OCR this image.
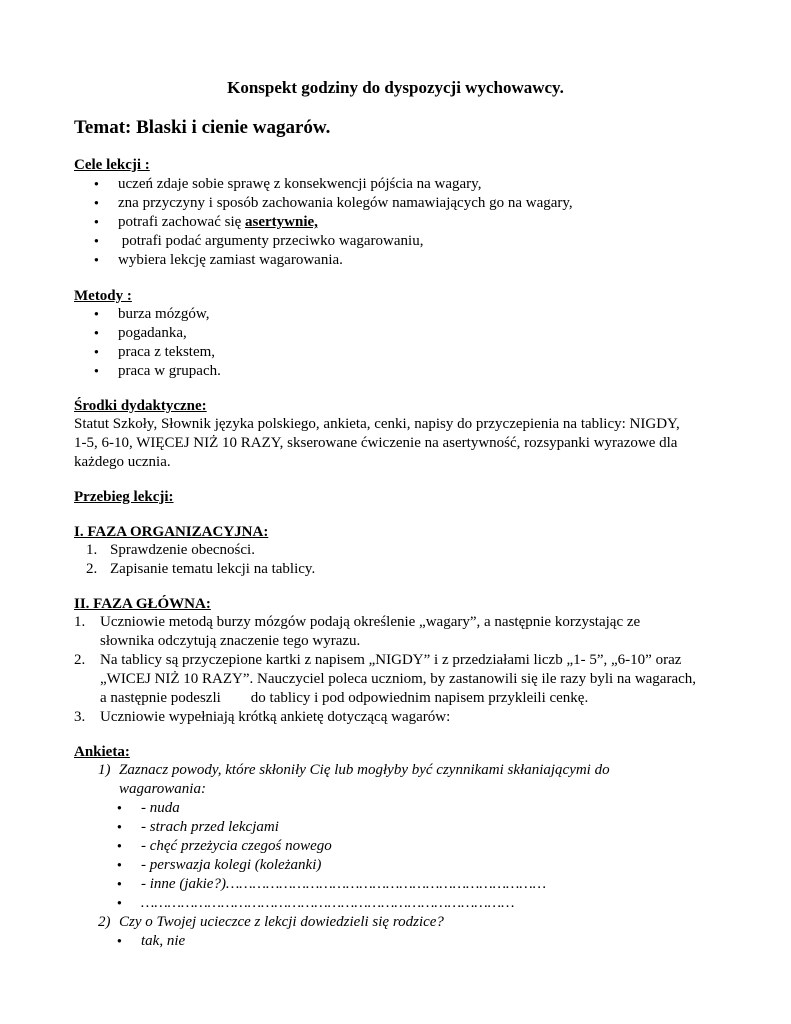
Konspekt godziny do dyspozycji wychowawcy.
Temat: Blaski i cienie wagarów.
Cele lekcji :
●uczeń zdaje sobie sprawę z konsekwencji pójścia na wagary,
●zna przyczyny i sposób zachowania kolegów namawiających go na wagary,
●potrafi zachować się asertywnie,
● potrafi podać argumenty przeciwko wagarowaniu,
●wybiera lekcję zamiast wagarowania.
Metody :
●burza mózgów,
●pogadanka,
●praca z tekstem,
●praca w grupach.
Środki dydaktyczne:
Statut Szkoły, Słownik języka polskiego, ankieta, cenki, napisy do przyczepienia na tablicy: NIGDY,
1-5, 6-10, WIĘCEJ NIŻ 10 RAZY, skserowane ćwiczenie na asertywność, rozsypanki wyrazowe dla
każdego ucznia.
Przebieg lekcji:
I. FAZA ORGANIZACYJNA:
1. Sprawdzenie obecności.
2. Zapisanie tematu lekcji na tablicy.
II. FAZA GŁÓWNA:
1. Uczniowie metodą burzy mózgów podają określenie „wagary”, a następnie korzystając ze
słownika odczytują znaczenie tego wyrazu.
2. Na tablicy są przyczepione kartki z napisem „NIGDY” i z przedziałami liczb „1- 5”, „6-10” oraz
„WICEJ NIŻ 10 RAZY”. Nauczyciel poleca uczniom, by zastanowili się ile razy byli na wagarach,
a następnie podeszli        do tablicy i pod odpowiednim napisem przykleili cenkę.
3. Uczniowie wypełniają krótką ankietę dotyczącą wagarów:
Ankieta:
1) Zaznacz powody, które skłoniły Cię lub mogłyby być czynnikami skłaniającymi do
wagarowania:
●- nuda
●- strach przed lekcjami
●- chęć przeżycia czegoś nowego
●- perswazja kolegi (koleżanki)
●- inne (jakie?)………………………………………………………………
●…………………………………………………………………………
2) Czy o Twojej ucieczce z lekcji dowiedzieli się rodzice?
●tak, nie
